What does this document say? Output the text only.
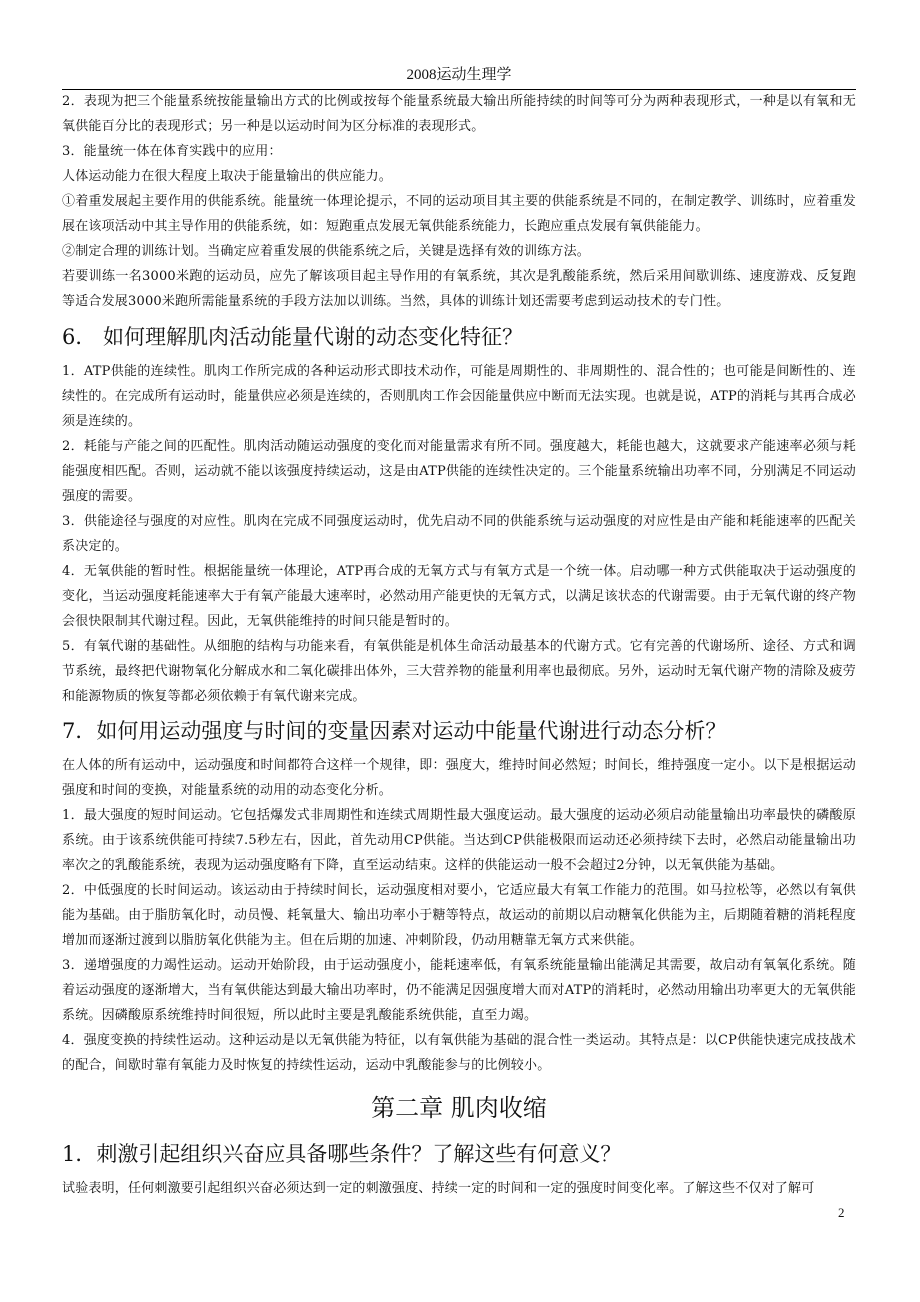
2008运动生理学

2．表现为把三个能量系统按能量输出方式的比例或按每个能量系统最大输出所能持续的时间等可分为两种表现形式，一种是以有氧和无氧供能百分比的表现形式；另一种是以运动时间为区分标准的表现形式。

3．能量统一体在体育实践中的应用：

人体运动能力在很大程度上取决于能量输出的供应能力。

①着重发展起主要作用的供能系统。能量统一体理论提示，不同的运动项目其主要的供能系统是不同的，在制定教学、训练时，应着重发展在该项活动中其主导作用的供能系统，如：短跑重点发展无氧供能系统能力，长跑应重点发展有氧供能能力。

②制定合理的训练计划。当确定应着重发展的供能系统之后，关键是选择有效的训练方法。

若要训练一名3000米跑的运动员，应先了解该项目起主导作用的有氧系统，其次是乳酸能系统，然后采用间歇训练、速度游戏、反复跑等适合发展3000米跑所需能量系统的手段方法加以训练。当然，具体的训练计划还需要考虑到运动技术的专门性。

6． 如何理解肌肉活动能量代谢的动态变化特征？

1．ATP供能的连续性。肌肉工作所完成的各种运动形式即技术动作，可能是周期性的、非周期性的、混合性的；也可能是间断性的、连续性的。在完成所有运动时，能量供应必须是连续的，否则肌肉工作会因能量供应中断而无法实现。也就是说，ATP的消耗与其再合成必须是连续的。

2．耗能与产能之间的匹配性。肌肉活动随运动强度的变化而对能量需求有所不同。强度越大，耗能也越大，这就要求产能速率必须与耗能强度相匹配。否则，运动就不能以该强度持续运动，这是由ATP供能的连续性决定的。三个能量系统输出功率不同，分别满足不同运动强度的需要。

3．供能途径与强度的对应性。肌肉在完成不同强度运动时，优先启动不同的供能系统与运动强度的对应性是由产能和耗能速率的匹配关系决定的。

4．无氧供能的暂时性。根据能量统一体理论，ATP再合成的无氧方式与有氧方式是一个统一体。启动哪一种方式供能取决于运动强度的变化，当运动强度耗能速率大于有氧产能最大速率时，必然动用产能更快的无氧方式，以满足该状态的代谢需要。由于无氧代谢的终产物会很快限制其代谢过程。因此，无氧供能维持的时间只能是暂时的。

5．有氧代谢的基础性。从细胞的结构与功能来看，有氧供能是机体生命活动最基本的代谢方式。它有完善的代谢场所、途径、方式和调节系统，最终把代谢物氧化分解成水和二氧化碳排出体外，三大营养物的能量利用率也最彻底。另外，运动时无氧代谢产物的清除及疲劳和能源物质的恢复等都必须依赖于有氧代谢来完成。

7．如何用运动强度与时间的变量因素对运动中能量代谢进行动态分析？

在人体的所有运动中，运动强度和时间都符合这样一个规律，即：强度大，维持时间必然短；时间长，维持强度一定小。以下是根据运动强度和时间的变换，对能量系统的动用的动态变化分析。

1．最大强度的短时间运动。它包括爆发式非周期性和连续式周期性最大强度运动。最大强度的运动必须启动能量输出功率最快的磷酸原系统。由于该系统供能可持续7.5秒左右，因此，首先动用CP供能。当达到CP供能极限而运动还必须持续下去时，必然启动能量输出功率次之的乳酸能系统，表现为运动强度略有下降，直至运动结束。这样的供能运动一般不会超过2分钟，以无氧供能为基础。

2．中低强度的长时间运动。该运动由于持续时间长，运动强度相对要小，它适应最大有氧工作能力的范围。如马拉松等，必然以有氧供能为基础。由于脂肪氧化时，动员慢、耗氧量大、输出功率小于糖等特点，故运动的前期以启动糖氧化供能为主，后期随着糖的消耗程度增加而逐渐过渡到以脂肪氧化供能为主。但在后期的加速、冲刺阶段，仍动用糖靠无氧方式来供能。

3．递增强度的力竭性运动。运动开始阶段，由于运动强度小，能耗速率低，有氧系统能量输出能满足其需要，故启动有氧氧化系统。随着运动强度的逐渐增大，当有氧供能达到最大输出功率时，仍不能满足因强度增大而对ATP的消耗时，必然动用输出功率更大的无氧供能系统。因磷酸原系统维持时间很短，所以此时主要是乳酸能系统供能，直至力竭。

4．强度变换的持续性运动。这种运动是以无氧供能为特征，以有氧供能为基础的混合性一类运动。其特点是：以CP供能快速完成技战术的配合，间歇时靠有氧能力及时恢复的持续性运动，运动中乳酸能参与的比例较小。

第二章 肌肉收缩
1．刺激引起组织兴奋应具备哪些条件？了解这些有何意义？

试验表明，任何刺激要引起组织兴奋必须达到一定的刺激强度、持续一定的时间和一定的强度时间变化率。了解这些不仅对了解可

2
